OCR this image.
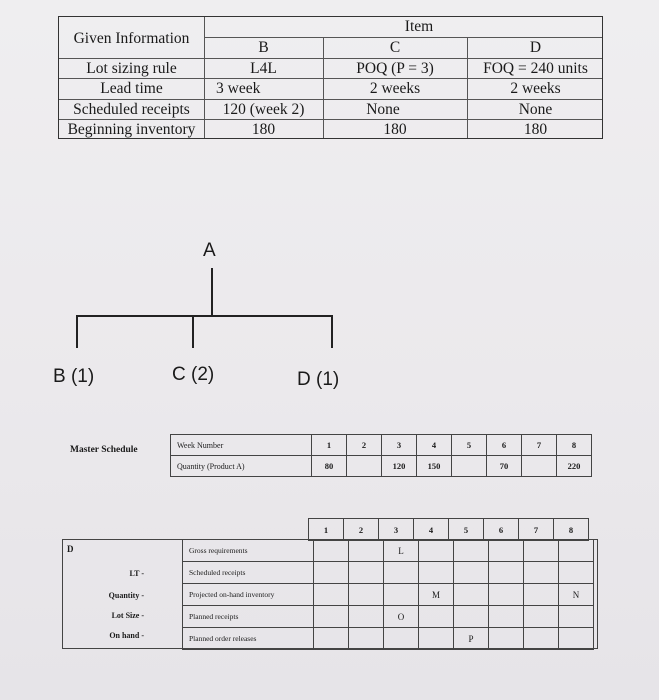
Given Information
Item
B	C	D
Lot sizing rule	L4L	POQ (P = 3)	FOQ = 240 units
Lead time	3 week	2 weeks	2 weeks
Scheduled receipts	120 (week 2)	None	None
Beginning inventory	180	180	180
A
B (1)	C (2)	D (1)
Master Schedule	Week Number	1	2	3	4	5	6	7	8
Quantity (Product A)	80		120	150		70		220
1	2	3	4	5	6	7	8
D
LT -
Quantity -
Lot Size -
On hand -
Gross requirements			L					
Scheduled receipts								
Projected on-hand inventory				M				N
Planned receipts			O					
Planned order releases					P			
